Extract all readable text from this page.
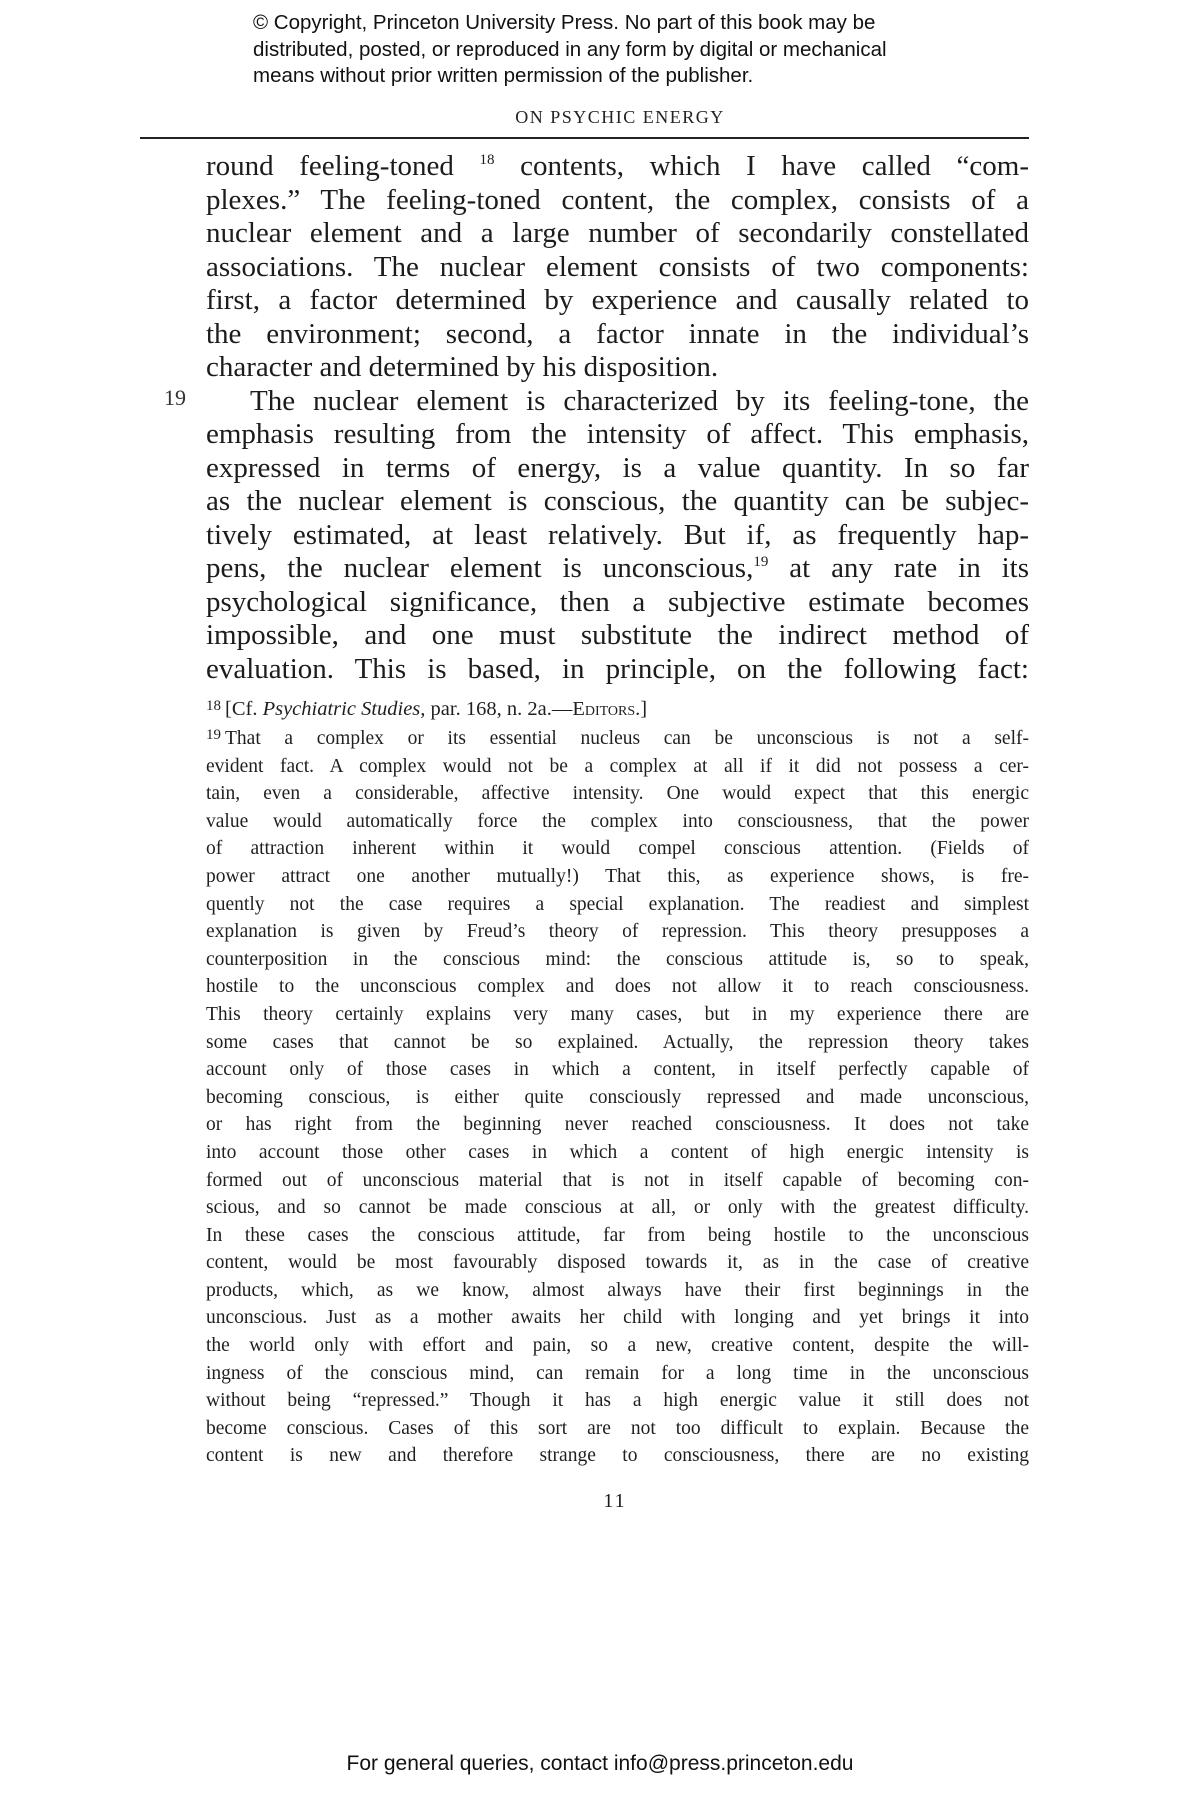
© Copyright, Princeton University Press. No part of this book may be
distributed, posted, or reproduced in any form by digital or mechanical
means without prior written permission of the publisher.
ON PSYCHIC ENERGY
19
round feeling-toned $^{18}$ contents, which I have called “com-
plexes.” The feeling-toned content, the complex, consists of a
nuclear element and a large number of secondarily constellated
associations. The nuclear element consists of two components:
first, a factor determined by experience and causally related to
the environment; second, a factor innate in the individual’s
character and determined by his disposition.
The nuclear element is characterized by its feeling-tone, the
emphasis resulting from the intensity of affect. This emphasis,
expressed in terms of energy, is a value quantity. In so far
as the nuclear element is conscious, the quantity can be subjec-
tively estimated, at least relatively. But if, as frequently hap-
pens, the nuclear element is unconscious,$^{19}$ at any rate in its
psychological significance, then a subjective estimate becomes
impossible, and one must substitute the indirect method of
evaluation. This is based, in principle, on the following fact:
$^{18}$ [Cf. Psychiatric Studies, par. 168, n. 2a.—Editors.]
$^{19}$ That a complex or its essential nucleus can be unconscious is not a self-
evident fact. A complex would not be a complex at all if it did not possess a cer-
tain, even a considerable, affective intensity. One would expect that this energic
value would automatically force the complex into consciousness, that the power
of attraction inherent within it would compel conscious attention. (Fields of
power attract one another mutually!) That this, as experience shows, is fre-
quently not the case requires a special explanation. The readiest and simplest
explanation is given by Freud’s theory of repression. This theory presupposes a
counterposition in the conscious mind: the conscious attitude is, so to speak,
hostile to the unconscious complex and does not allow it to reach consciousness.
This theory certainly explains very many cases, but in my experience there are
some cases that cannot be so explained. Actually, the repression theory takes
account only of those cases in which a content, in itself perfectly capable of
becoming conscious, is either quite consciously repressed and made unconscious,
or has right from the beginning never reached consciousness. It does not take
into account those other cases in which a content of high energic intensity is
formed out of unconscious material that is not in itself capable of becoming con-
scious, and so cannot be made conscious at all, or only with the greatest difficulty.
In these cases the conscious attitude, far from being hostile to the unconscious
content, would be most favourably disposed towards it, as in the case of creative
products, which, as we know, almost always have their first beginnings in the
unconscious. Just as a mother awaits her child with longing and yet brings it into
the world only with effort and pain, so a new, creative content, despite the will-
ingness of the conscious mind, can remain for a long time in the unconscious
without being “repressed.” Though it has a high energic value it still does not
become conscious. Cases of this sort are not too difficult to explain. Because the
content is new and therefore strange to consciousness, there are no existing
11
For general queries, contact info@press.princeton.edu
